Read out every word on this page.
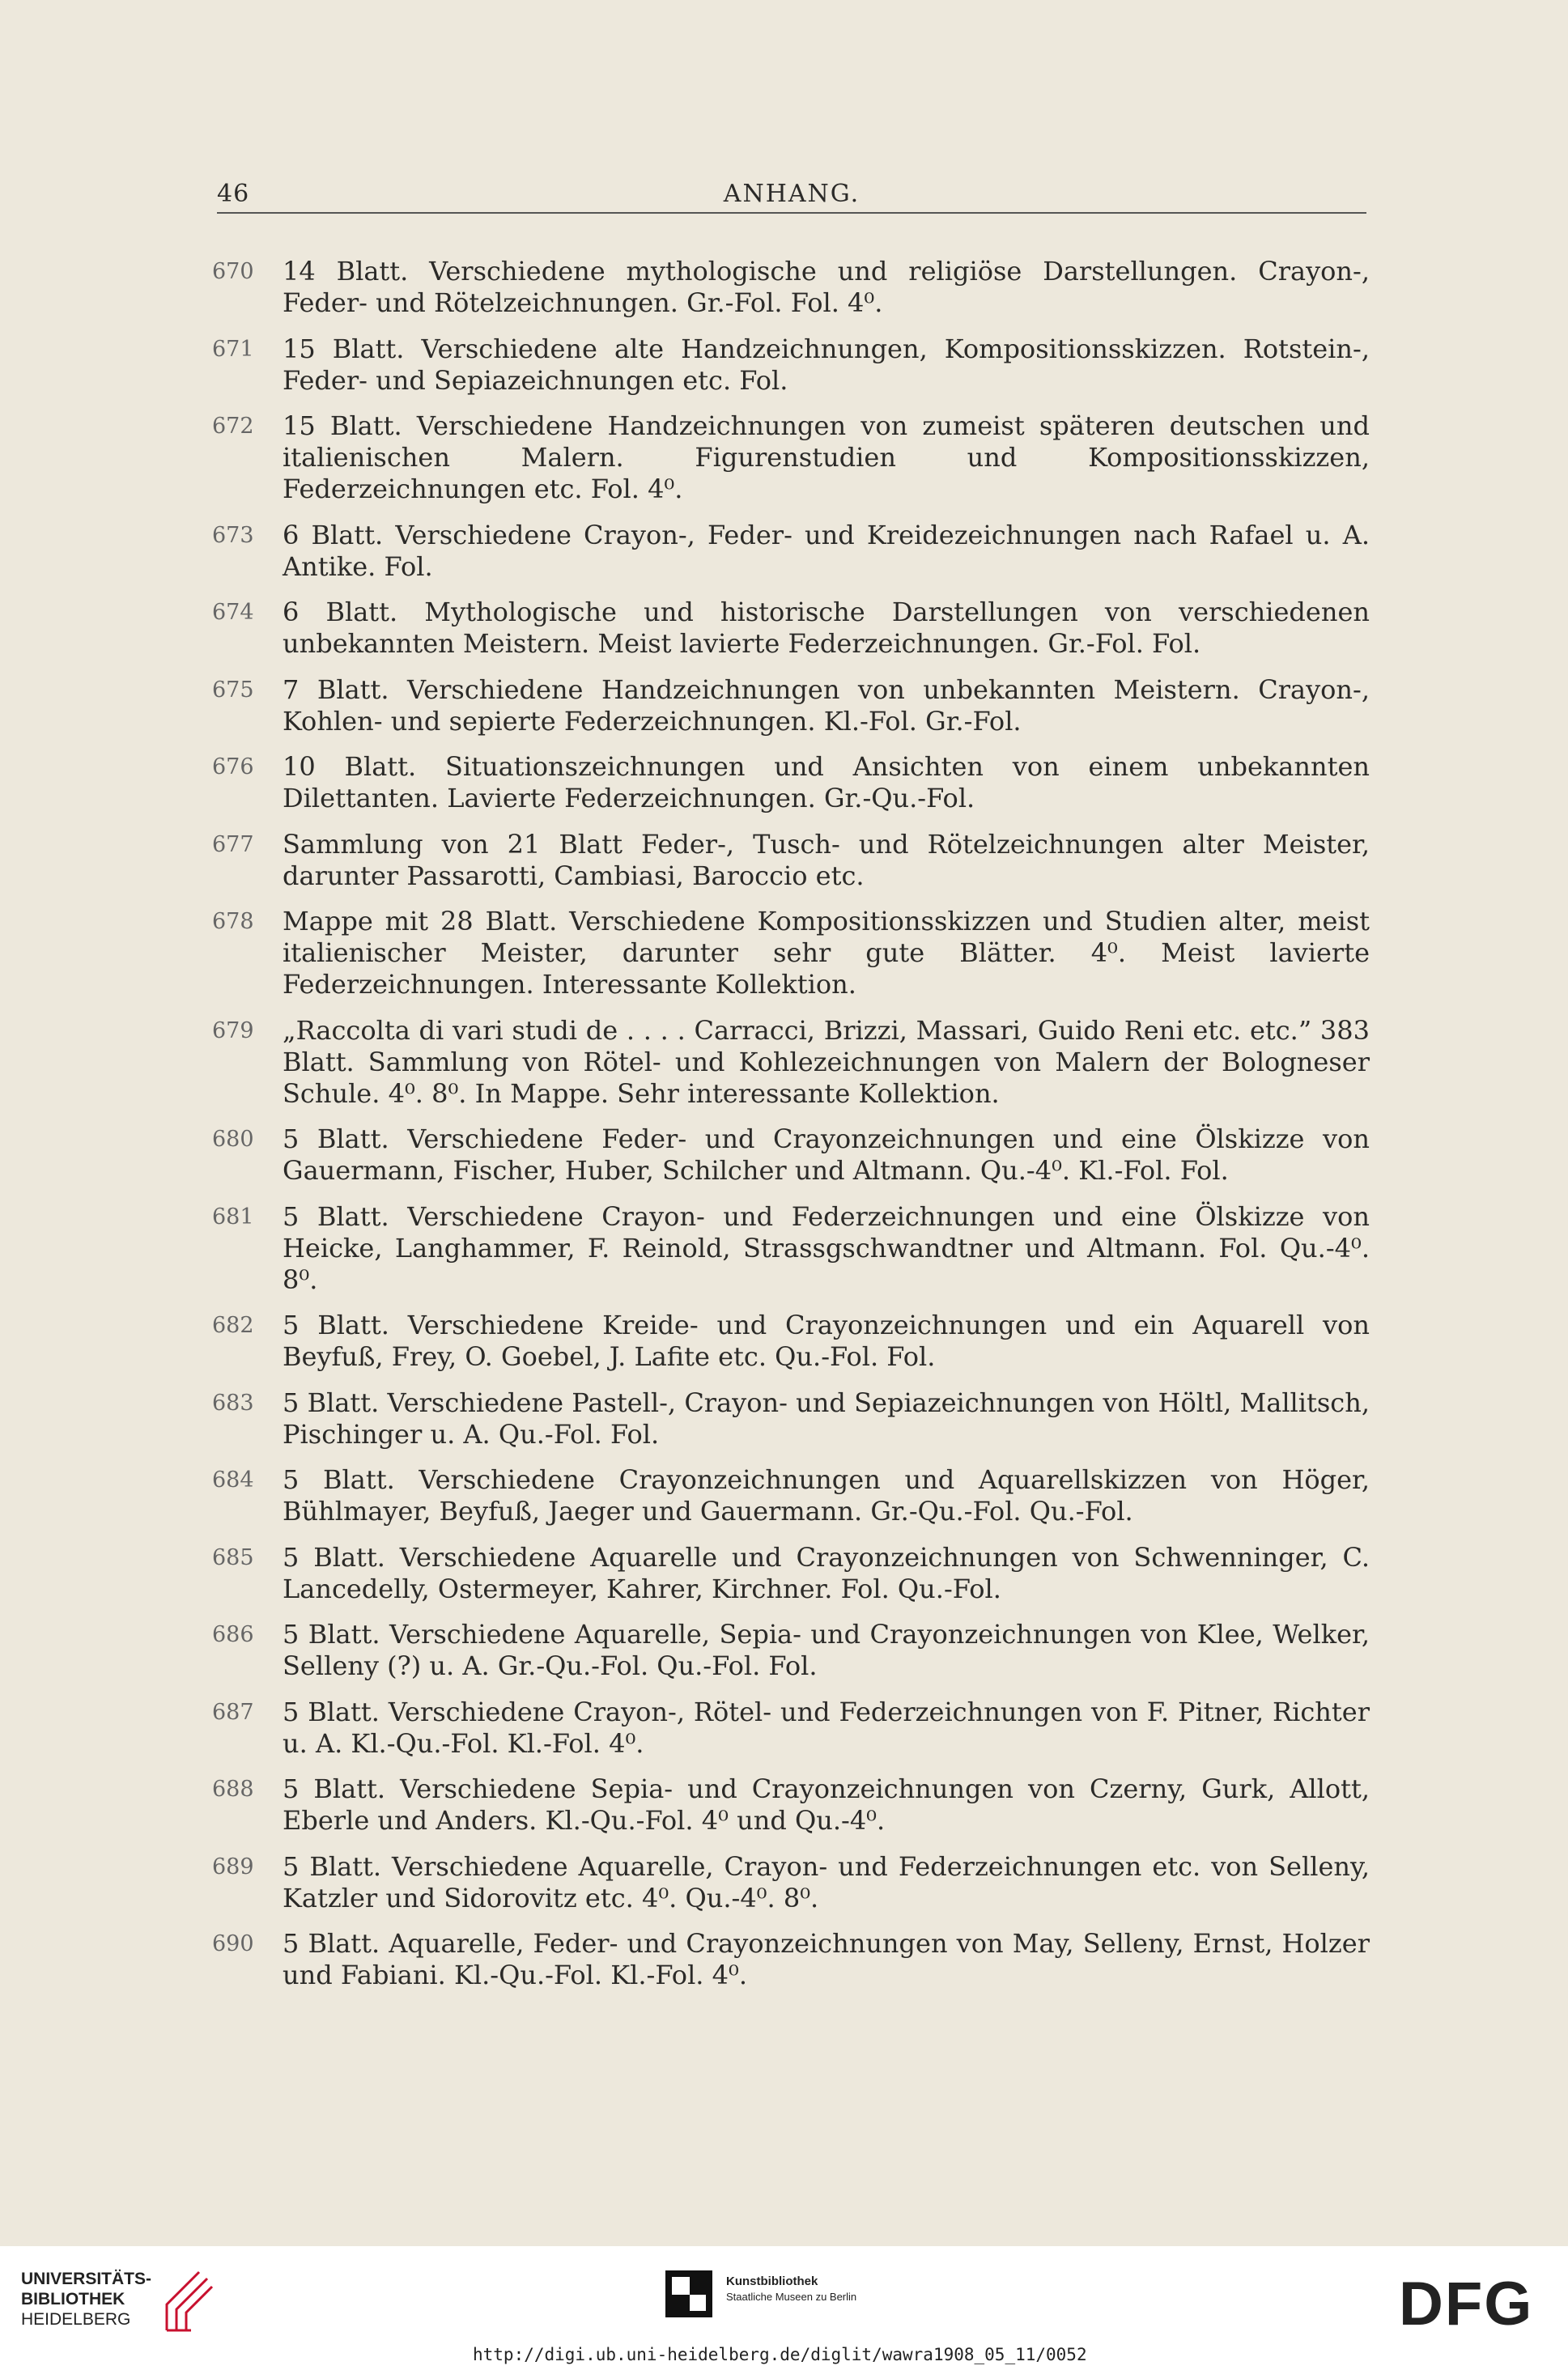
46	ANHANG.
670 14 Blatt. Verschiedene mythologische und religiöse Darstellungen. Crayon-, Feder- und Rötelzeichnungen. Gr.-Fol. Fol. 4⁰.
671 15 Blatt. Verschiedene alte Handzeichnungen, Kompositionsskizzen. Rotstein-, Feder- und Sepiazeichnungen etc. Fol.
672 15 Blatt. Verschiedene Handzeichnungen von zumeist späteren deutschen und italienischen Malern. Figurenstudien und Kompositionsskizzen, Federzeichnungen etc. Fol. 4⁰.
673 6 Blatt. Verschiedene Crayon-, Feder- und Kreidezeichnungen nach Rafael u. A. Antike. Fol.
674 6 Blatt. Mythologische und historische Darstellungen von verschiedenen unbekannten Meistern. Meist lavierte Federzeichnungen. Gr.-Fol. Fol.
675 7 Blatt. Verschiedene Handzeichnungen von unbekannten Meistern. Crayon-, Kohlen- und sepierte Federzeichnungen. Kl.-Fol. Gr.-Fol.
676 10 Blatt. Situationszeichnungen und Ansichten von einem unbekannten Dilettanten. Lavierte Federzeichnungen. Gr.-Qu.-Fol.
677 Sammlung von 21 Blatt Feder-, Tusch- und Rötelzeichnungen alter Meister, darunter Passarotti, Cambiasi, Baroccio etc.
678 Mappe mit 28 Blatt. Verschiedene Kompositionsskizzen und Studien alter, meist italienischer Meister, darunter sehr gute Blätter. 4⁰. Meist lavierte Federzeichnungen. Interessante Kollektion.
679 „Raccolta di vari studi de . . . . Carracci, Brizzi, Massari, Guido Reni etc. etc.” 383 Blatt. Sammlung von Rötel- und Kohlezeichnungen von Malern der Bologneser Schule. 4⁰. 8⁰. In Mappe. Sehr interessante Kollektion.
680 5 Blatt. Verschiedene Feder- und Crayonzeichnungen und eine Ölskizze von Gauermann, Fischer, Huber, Schilcher und Altmann. Qu.-4⁰. Kl.-Fol. Fol.
681 5 Blatt. Verschiedene Crayon- und Federzeichnungen und eine Ölskizze von Heicke, Langhammer, F. Reinold, Strassgschwandtner und Altmann. Fol. Qu.-4⁰. 8⁰.
682 5 Blatt. Verschiedene Kreide- und Crayonzeichnungen und ein Aquarell von Beyfuß, Frey, O. Goebel, J. Lafite etc. Qu.-Fol. Fol.
683 5 Blatt. Verschiedene Pastell-, Crayon- und Sepiazeichnungen von Höltl, Mallitsch, Pischinger u. A. Qu.-Fol. Fol.
684 5 Blatt. Verschiedene Crayonzeichnungen und Aquarellskizzen von Höger, Bühlmayer, Beyfuß, Jaeger und Gauermann. Gr.-Qu.-Fol. Qu.-Fol.
685 5 Blatt. Verschiedene Aquarelle und Crayonzeichnungen von Schwenninger, C. Lancedelly, Ostermeyer, Kahrer, Kirchner. Fol. Qu.-Fol.
686 5 Blatt. Verschiedene Aquarelle, Sepia- und Crayonzeichnungen von Klee, Welker, Selleny (?) u. A. Gr.-Qu.-Fol. Qu.-Fol. Fol.
687 5 Blatt. Verschiedene Crayon-, Rötel- und Federzeichnungen von F. Pitner, Richter u. A. Kl.-Qu.-Fol. Kl.-Fol. 4⁰.
688 5 Blatt. Verschiedene Sepia- und Crayonzeichnungen von Czerny, Gurk, Allott, Eberle und Anders. Kl.-Qu.-Fol. 4⁰ und Qu.-4⁰.
689 5 Blatt. Verschiedene Aquarelle, Crayon- und Federzeichnungen etc. von Selleny, Katzler und Sidorovitz etc. 4⁰. Qu.-4⁰. 8⁰.
690 5 Blatt. Aquarelle, Feder- und Crayonzeichnungen von May, Selleny, Ernst, Holzer und Fabiani. Kl.-Qu.-Fol. Kl.-Fol. 4⁰.
UNIVERSITÄTS-
BIBLIOTHEK
HEIDELBERG
Kunstbibliothek
Staatliche Museen zu Berlin	DFG
http://digi.ub.uni-heidelberg.de/diglit/wawra1908_05_11/0052
